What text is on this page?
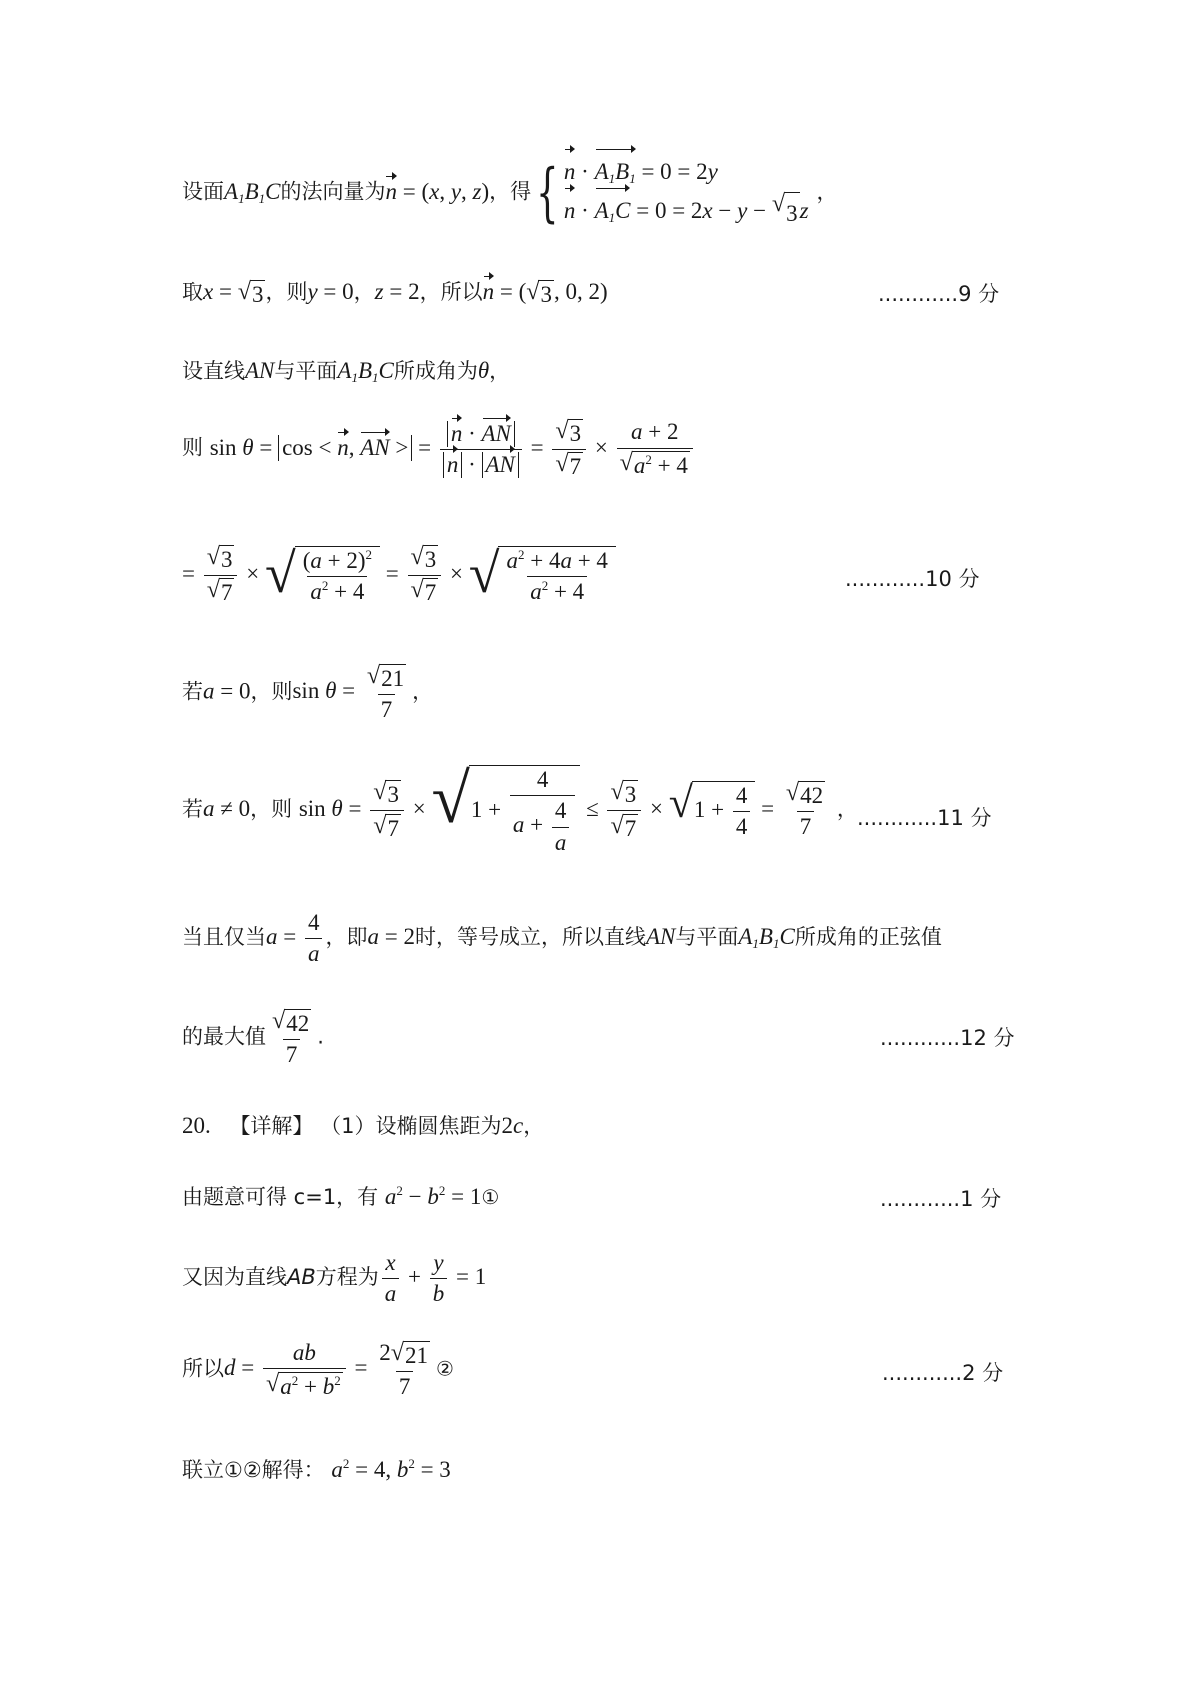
设面$A_1B_1C$的法向量为n = (x, y, z)，得{ $n \cdot A_1B_1 = 0 = 2y$
$n \cdot A_1C = 0 = 2x - y$ − √ 3 z
，
取x = √ 3 ，则y = 0，z = 2，所以n = ( √ 3 , 0, 2)	............9 分
设直线AN与平面$A_1B_1C$所成角为θ，
则 sin θ = cos < n, AN > = $\frac{n \cdot AN}{n \cdot AN} = \frac{√ 3}{√ 7} \times \frac{a + 2}{√ a^2 + 4}$
= $\frac{√ 3}{√ 7}$ × √ $\frac{(a + 2)^2}{a^2 + 4} = \frac{√ 3}{√ 7}$ × √ $\frac{a^2 + 4a + 4}{a^2 + 4}$	............10 分
若a = 0，则$\sin \theta = \frac{√ 21}{7}$ ，
若a ≠ 0，则 $\sin \theta = \frac{√ 3}{√ 7}$ × √ $1 + \frac{4}{a + \frac{4}{a}} \le \frac{√ 3}{√ 7}$ × √ $1 + \frac{4}{4} = \frac{√ 42}{7}$ ， ............11 分
当且仅当$a = \frac{4}{a}$ ，即a = 2时，等号成立，所以直线AN与平面$A_1B_1C$所成角的正弦值
的最大值 $\frac{√ 42}{7}$ .	............12 分
20. 【详解】 （1）设椭圆焦距为2c，
由题意可得 c=1，有 $a^2 - b^2$ = 1①	............1 分
又因为直线AB方程为 $\frac{x}{a} + \frac{y}{b} = 1$
所以$d = \frac{ab}{√ a^2 + b^2} = \frac{2 √ 21}{7}$ ②	............2 分
联立①②解得： $a^2 = 4$, $b^2 = 3$
